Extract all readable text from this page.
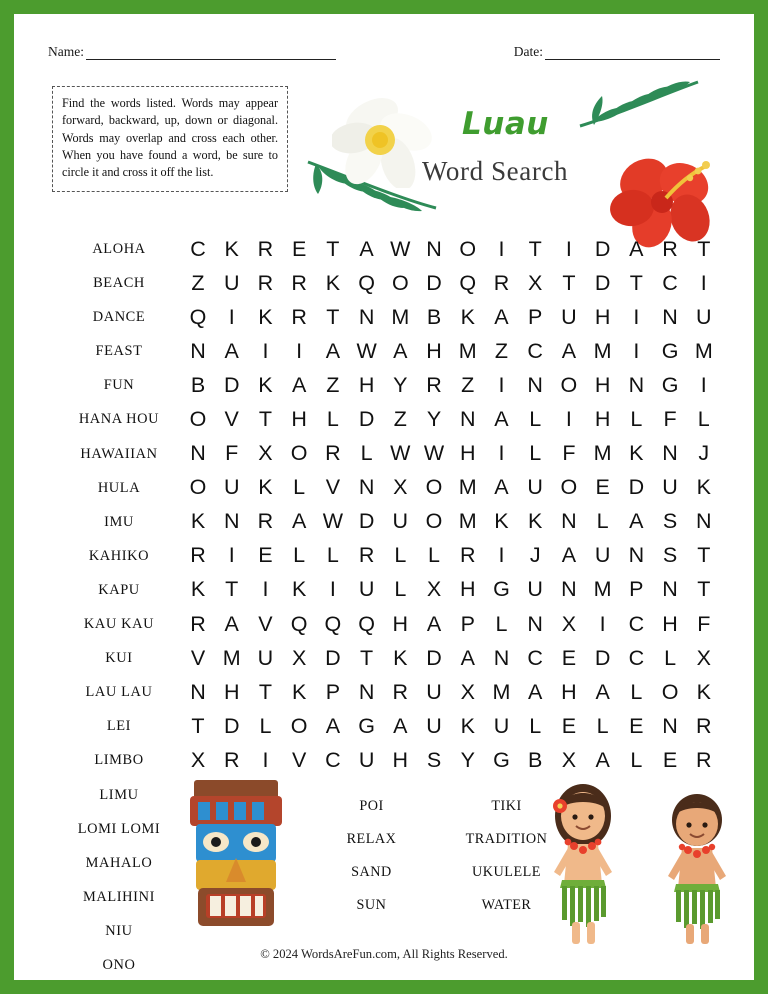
Name:	Date:
Find the words listed. Words may appear forward, backward, up, down or diagonal. Words may overlap and cross each other. When you have found a word, be sure to circle it and cross it off the list.
Luau
Word Search
ALOHA
BEACH
DANCE
FEAST
FUN
HANA HOU
HAWAIIAN
HULA
IMU
KAHIKO
KAPU
KAU KAU
KUI
LAU LAU
LEI
LIMBO
LIMU
LOMI LOMI
MAHALO
MALIHINI
NIU
ONO
C K R E T A W N O	I	T	I	D A R T
Z U R R K Q O D Q R X T D T C	I
Q	I	K R T N M B K A P U H	I	N U
N A	I	I	A W A H M Z C A M	I	G M
B D K A Z H Y R Z	I	N O H N G	I
O V T H L D Z Y N A L	I	H L F L
N F X O R L W W H	I	L F M K N J
O U K L V N X O M A U O E D U K
K N R A W D U O M K K N L A S N
R	I	E L	L R L	L R	I	J A U N S T
K T	I	K	I	U L X H G U N M P N T
R A V Q Q Q H A P L N X	I	C H F
V M U X D T K D A N C E D C L X
N H T K P N R U X M A H A L O K
T D L O A G A U K U L E L E N R
X R	I	V C U H S Y G B X A L E R
POI
RELAX
SAND
SUN
TIKI
TRADITION
UKULELE
WATER
© 2024 WordsAreFun.com, All Rights Reserved.
